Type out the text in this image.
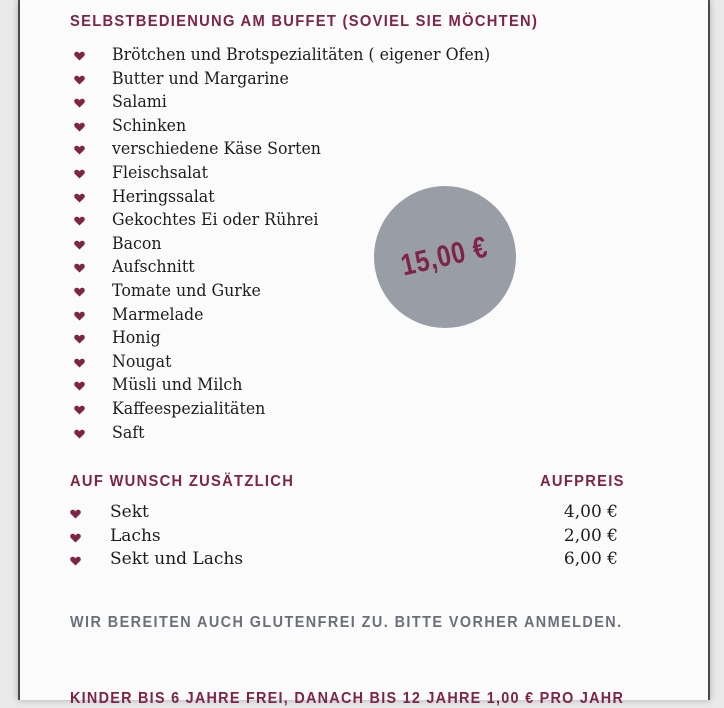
SELBSTBEDIENUNG AM BUFFET (SOVIEL SIE MÖCHTEN)
Brötchen und Brotspezialitäten ( eigener Ofen)
Butter und Margarine
Salami
Schinken
verschiedene Käse Sorten
Fleischsalat
Heringssalat
Gekochtes Ei oder Rührei
Bacon
Aufschnitt
Tomate und Gurke
Marmelade
Honig
Nougat
Müsli und Milch
Kaffeespezialitäten
Saft
15,00 €
AUF WUNSCH ZUSÄTZLICH	AUFPREIS
Sekt	4,00 €
Lachs	2,00 €
Sekt und Lachs	6,00 €
WIR BEREITEN AUCH GLUTENFREI ZU. BITTE VORHER ANMELDEN.
KINDER BIS 6 JAHRE FREI, DANACH BIS 12 JAHRE 1,00 € PRO JAHR
